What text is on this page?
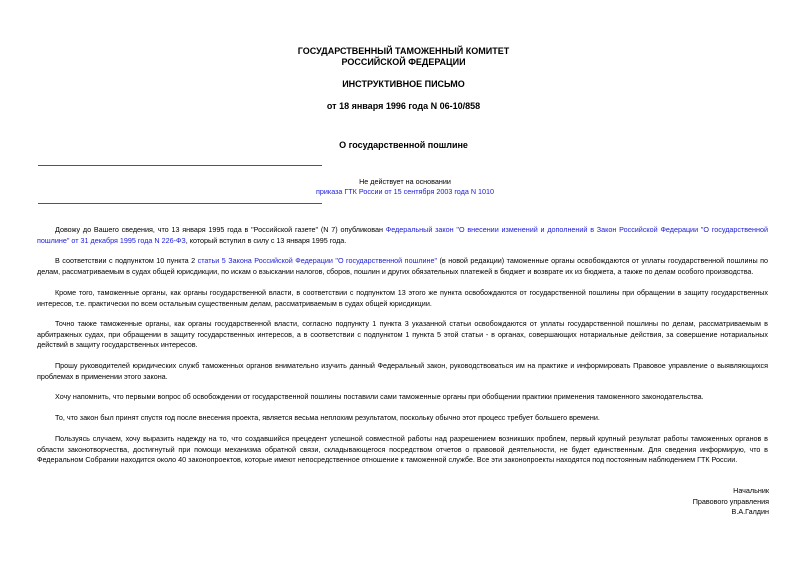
ГОСУДАРСТВЕННЫЙ ТАМОЖЕННЫЙ КОМИТЕТ
РОССИЙСКОЙ ФЕДЕРАЦИИ
ИНСТРУКТИВНОЕ ПИСЬМО
от 18 января 1996 года N 06-10/858
О государственной пошлине
Не действует на основании
приказа ГТК России от 15 сентября 2003 года N 1010

Довожу до Вашего сведения, что 13 января 1995 года в "Российской газете" (N 7) опубликован Федеральный закон "О внесении изменений и дополнений в Закон Российской Федерации "О государственной пошлине" от 31 декабря 1995 года N 226-ФЗ, который вступил в силу с 13 января 1995 года.

В соответствии с подпунктом 10 пункта 2 статьи 5 Закона Российской Федерации "О государственной пошлине" (в новой редакции) таможенные органы освобождаются от уплаты государственной пошлины по делам, рассматриваемым в судах общей юрисдикции, по искам о взыскании налогов, сборов, пошлин и других обязательных платежей в бюджет и возврате их из бюджета, а также по делам особого производства.

Кроме того, таможенные органы, как органы государственной власти, в соответствии с подпунктом 13 этого же пункта освобождаются от государственной пошлины при обращении в защиту государственных интересов, т.е. практически по всем остальным существенным делам, рассматриваемым в судах общей юрисдикции.

Точно также таможенные органы, как органы государственной власти, согласно подпункту 1 пункта 3 указанной статьи освобождаются от уплаты государственной пошлины по делам, рассматриваемым в арбитражных судах, при обращении в защиту государственных интересов, а в соответствии с подпунктом 1 пункта 5 этой статьи - в органах, совершающих нотариальные действия, за совершение нотариальных действий в защиту государственных интересов.

Прошу руководителей юридических служб таможенных органов внимательно изучить данный Федеральный закон, руководствоваться им на практике и информировать Правовое управление о выявляющихся проблемах в применении этого закона.

Хочу напомнить, что первыми вопрос об освобождении от государственной пошлины поставили сами таможенные органы при обобщении практики применения таможенного законодательства.

То, что закон был принят спустя год после внесения проекта, является весьма неплохим результатом, поскольку обычно этот процесс требует большего времени.

Пользуясь случаем, хочу выразить надежду на то, что создавшийся прецедент успешной совместной работы над разрешением возникших проблем, первый крупный результат работы таможенных органов в области законотворчества, достигнутый при помощи механизма обратной связи, складывающегося посредством отчетов о правовой деятельности, не будет единственным. Для сведения информирую, что в Федеральном Собрании находится около 40 законопроектов, которые имеют непосредственное отношение к таможенной службе. Все эти законопроекты находятся под постоянным наблюдением ГТК России.

Начальник
Правового управления
В.А.Галдин
